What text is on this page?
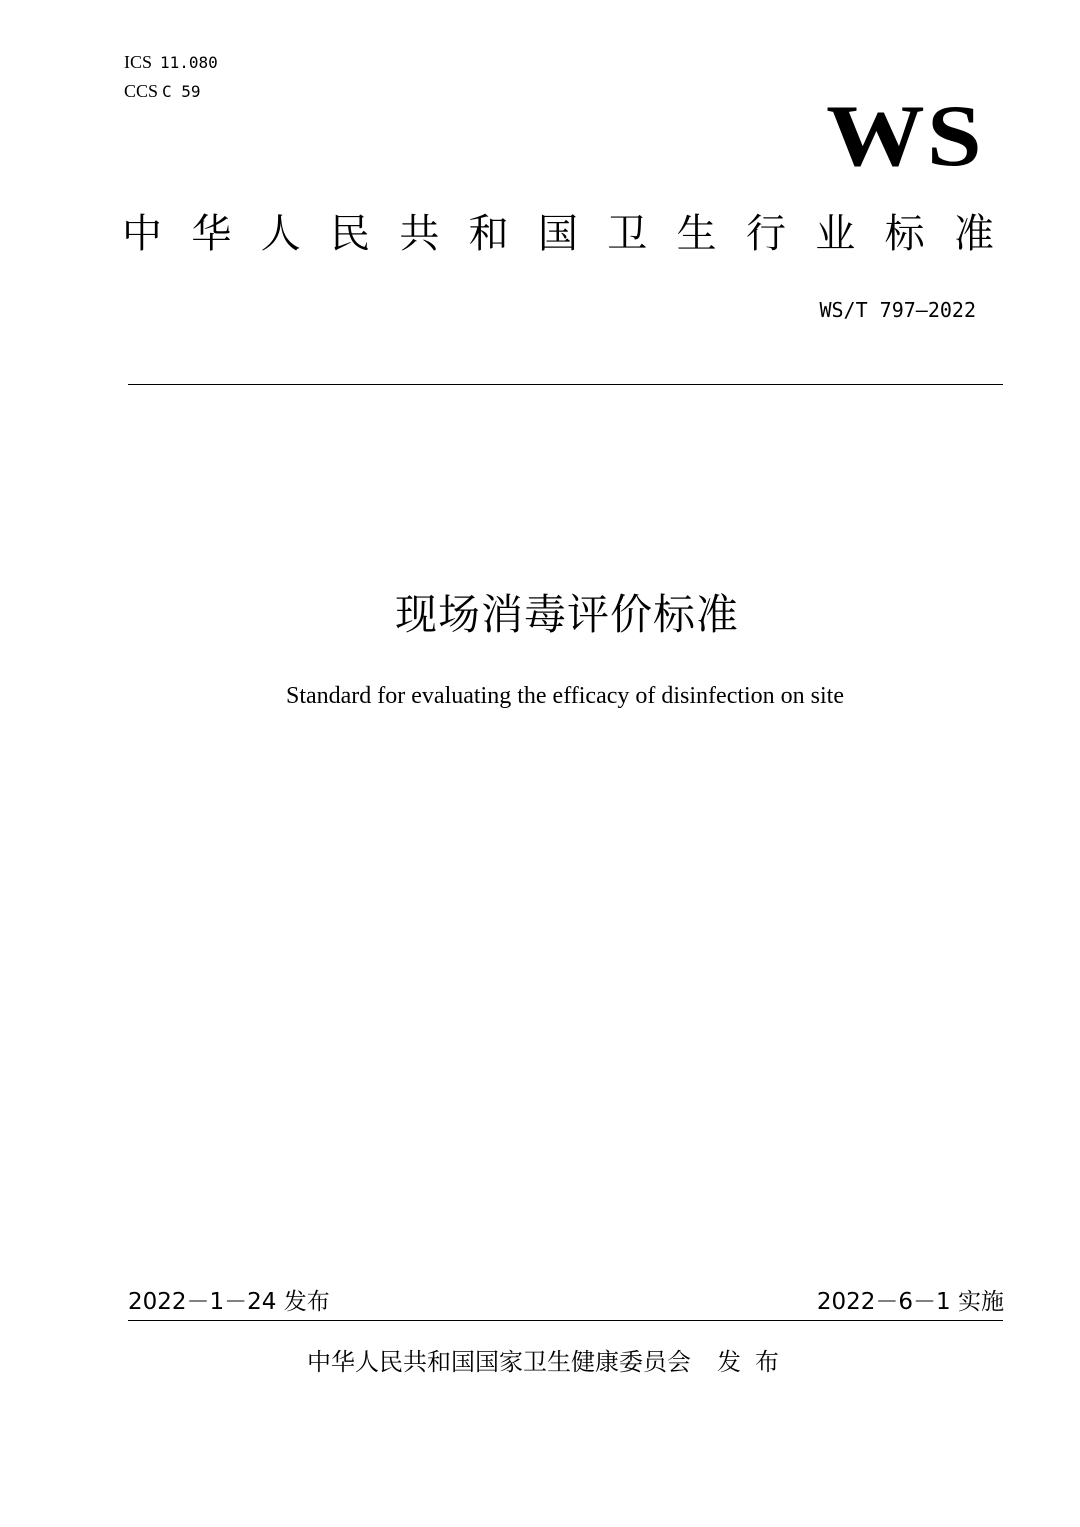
ICS 11.080
CCS C 59	WS
中 华 人 民 共 和 国 卫 生 行 业 标 准
WS/T 797—2022
现场消毒评价标准
Standard for evaluating the efficacy of disinfection on site
2022－1－24 发布	2022－6－1 实施
中华人民共和国国家卫生健康委员会 发布
